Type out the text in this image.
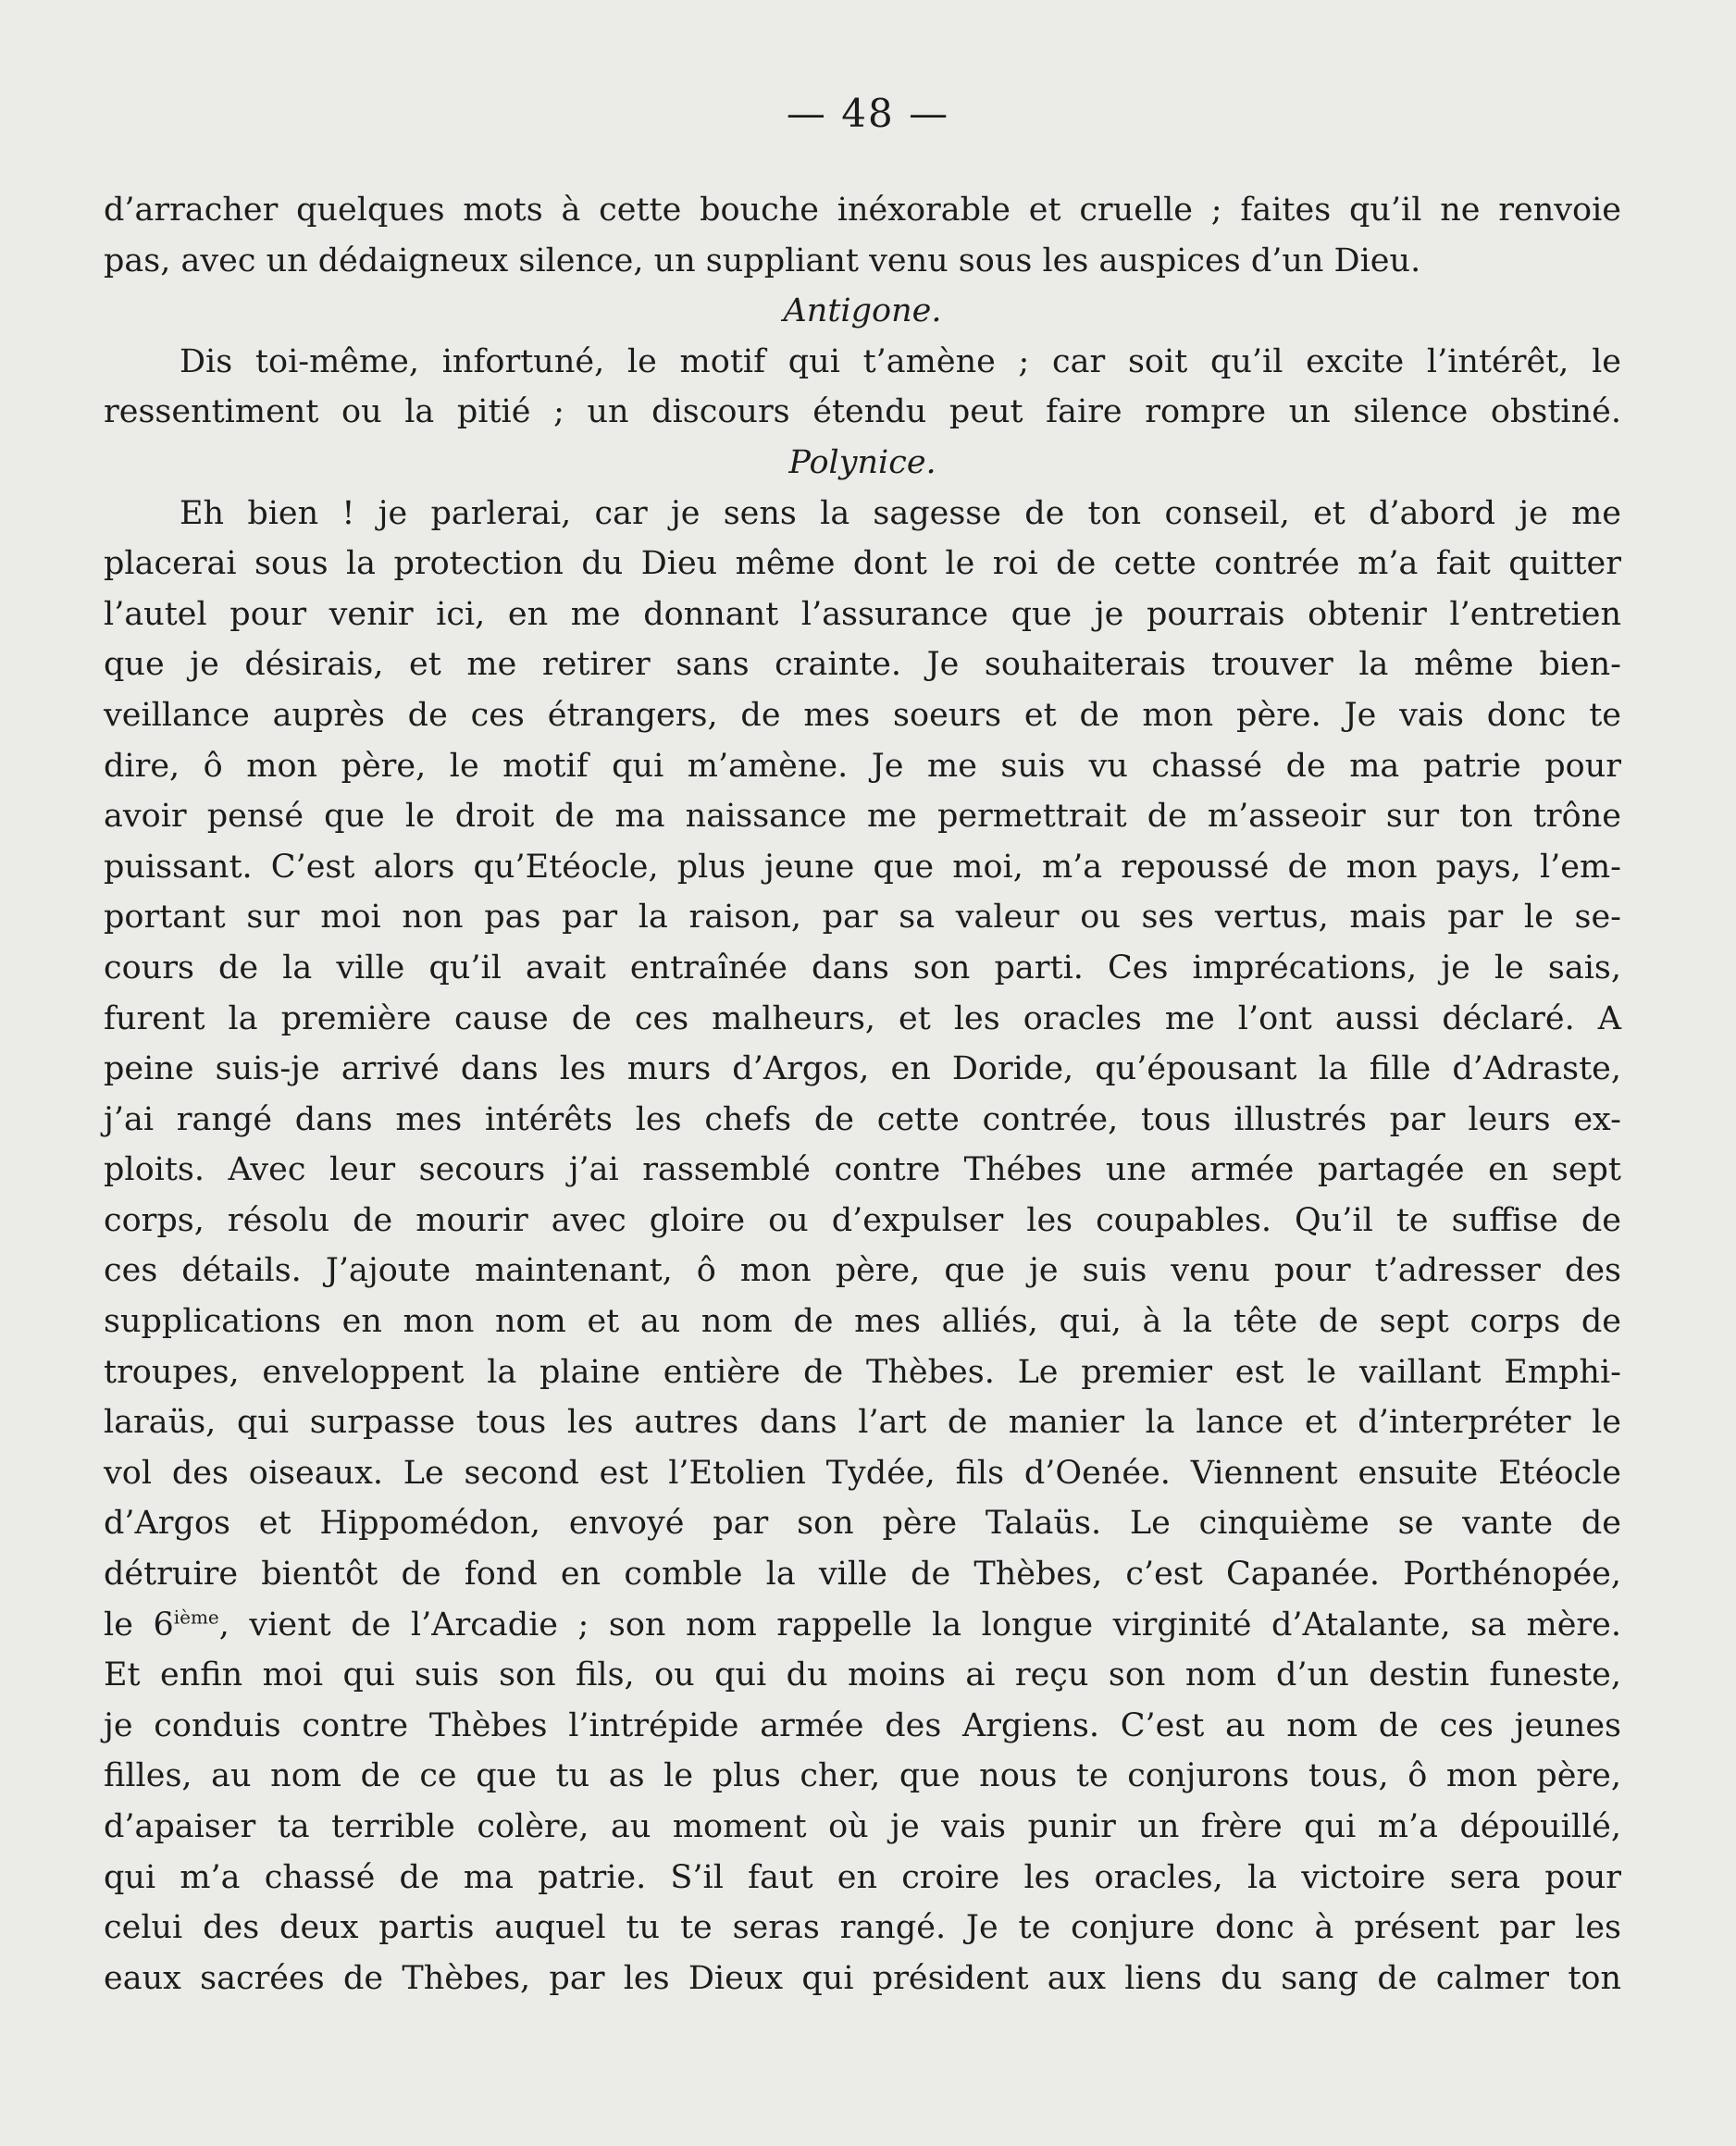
— 48 —
d’arracher quelques mots à cette bouche inéxorable et cruelle ; faites qu’il ne renvoie
pas, avec un dédaigneux silence, un suppliant venu sous les auspices d’un Dieu.
Antigone.
Dis toi-même, infortuné, le motif qui t’amène ; car soit qu’il excite l’intérêt, le
ressentiment ou la pitié ; un discours étendu peut faire rompre un silence obstiné.
Polynice.
Eh bien ! je parlerai, car je sens la sagesse de ton conseil, et d’abord je me
placerai sous la protection du Dieu même dont le roi de cette contrée m’a fait quitter
l’autel pour venir ici, en me donnant l’assurance que je pourrais obtenir l’entretien
que je désirais, et me retirer sans crainte. Je souhaiterais trouver la même bien-
veillance auprès de ces étrangers, de mes soeurs et de mon père. Je vais donc te
dire, ô mon père, le motif qui m’amène. Je me suis vu chassé de ma patrie pour
avoir pensé que le droit de ma naissance me permettrait de m’asseoir sur ton trône
puissant. C’est alors qu’Etéocle, plus jeune que moi, m’a repoussé de mon pays, l’em-
portant sur moi non pas par la raison, par sa valeur ou ses vertus, mais par le se-
cours de la ville qu’il avait entraînée dans son parti. Ces imprécations, je le sais,
furent la première cause de ces malheurs, et les oracles me l’ont aussi déclaré. A
peine suis-je arrivé dans les murs d’Argos, en Doride, qu’épousant la fille d’Adraste,
j’ai rangé dans mes intérêts les chefs de cette contrée, tous illustrés par leurs ex-
ploits. Avec leur secours j’ai rassemblé contre Thébes une armée partagée en sept
corps, résolu de mourir avec gloire ou d’expulser les coupables. Qu’il te suffise de
ces détails. J’ajoute maintenant, ô mon père, que je suis venu pour t’adresser des
supplications en mon nom et au nom de mes alliés, qui, à la tête de sept corps de
troupes, enveloppent la plaine entière de Thèbes. Le premier est le vaillant Emphi-
laraüs, qui surpasse tous les autres dans l’art de manier la lance et d’interpréter le
vol des oiseaux. Le second est l’Etolien Tydée, fils d’Oenée. Viennent ensuite Etéocle
d’Argos et Hippomédon, envoyé par son père Talaüs. Le cinquième se vante de
détruire bientôt de fond en comble la ville de Thèbes, c’est Capanée. Porthénopée,
le 6ième, vient de l’Arcadie ; son nom rappelle la longue virginité d’Atalante, sa mère.
Et enfin moi qui suis son fils, ou qui du moins ai reçu son nom d’un destin funeste,
je conduis contre Thèbes l’intrépide armée des Argiens. C’est au nom de ces jeunes
filles, au nom de ce que tu as le plus cher, que nous te conjurons tous, ô mon père,
d’apaiser ta terrible colère, au moment où je vais punir un frère qui m’a dépouillé,
qui m’a chassé de ma patrie. S’il faut en croire les oracles, la victoire sera pour
celui des deux partis auquel tu te seras rangé. Je te conjure donc à présent par les
eaux sacrées de Thèbes, par les Dieux qui président aux liens du sang de calmer ton
